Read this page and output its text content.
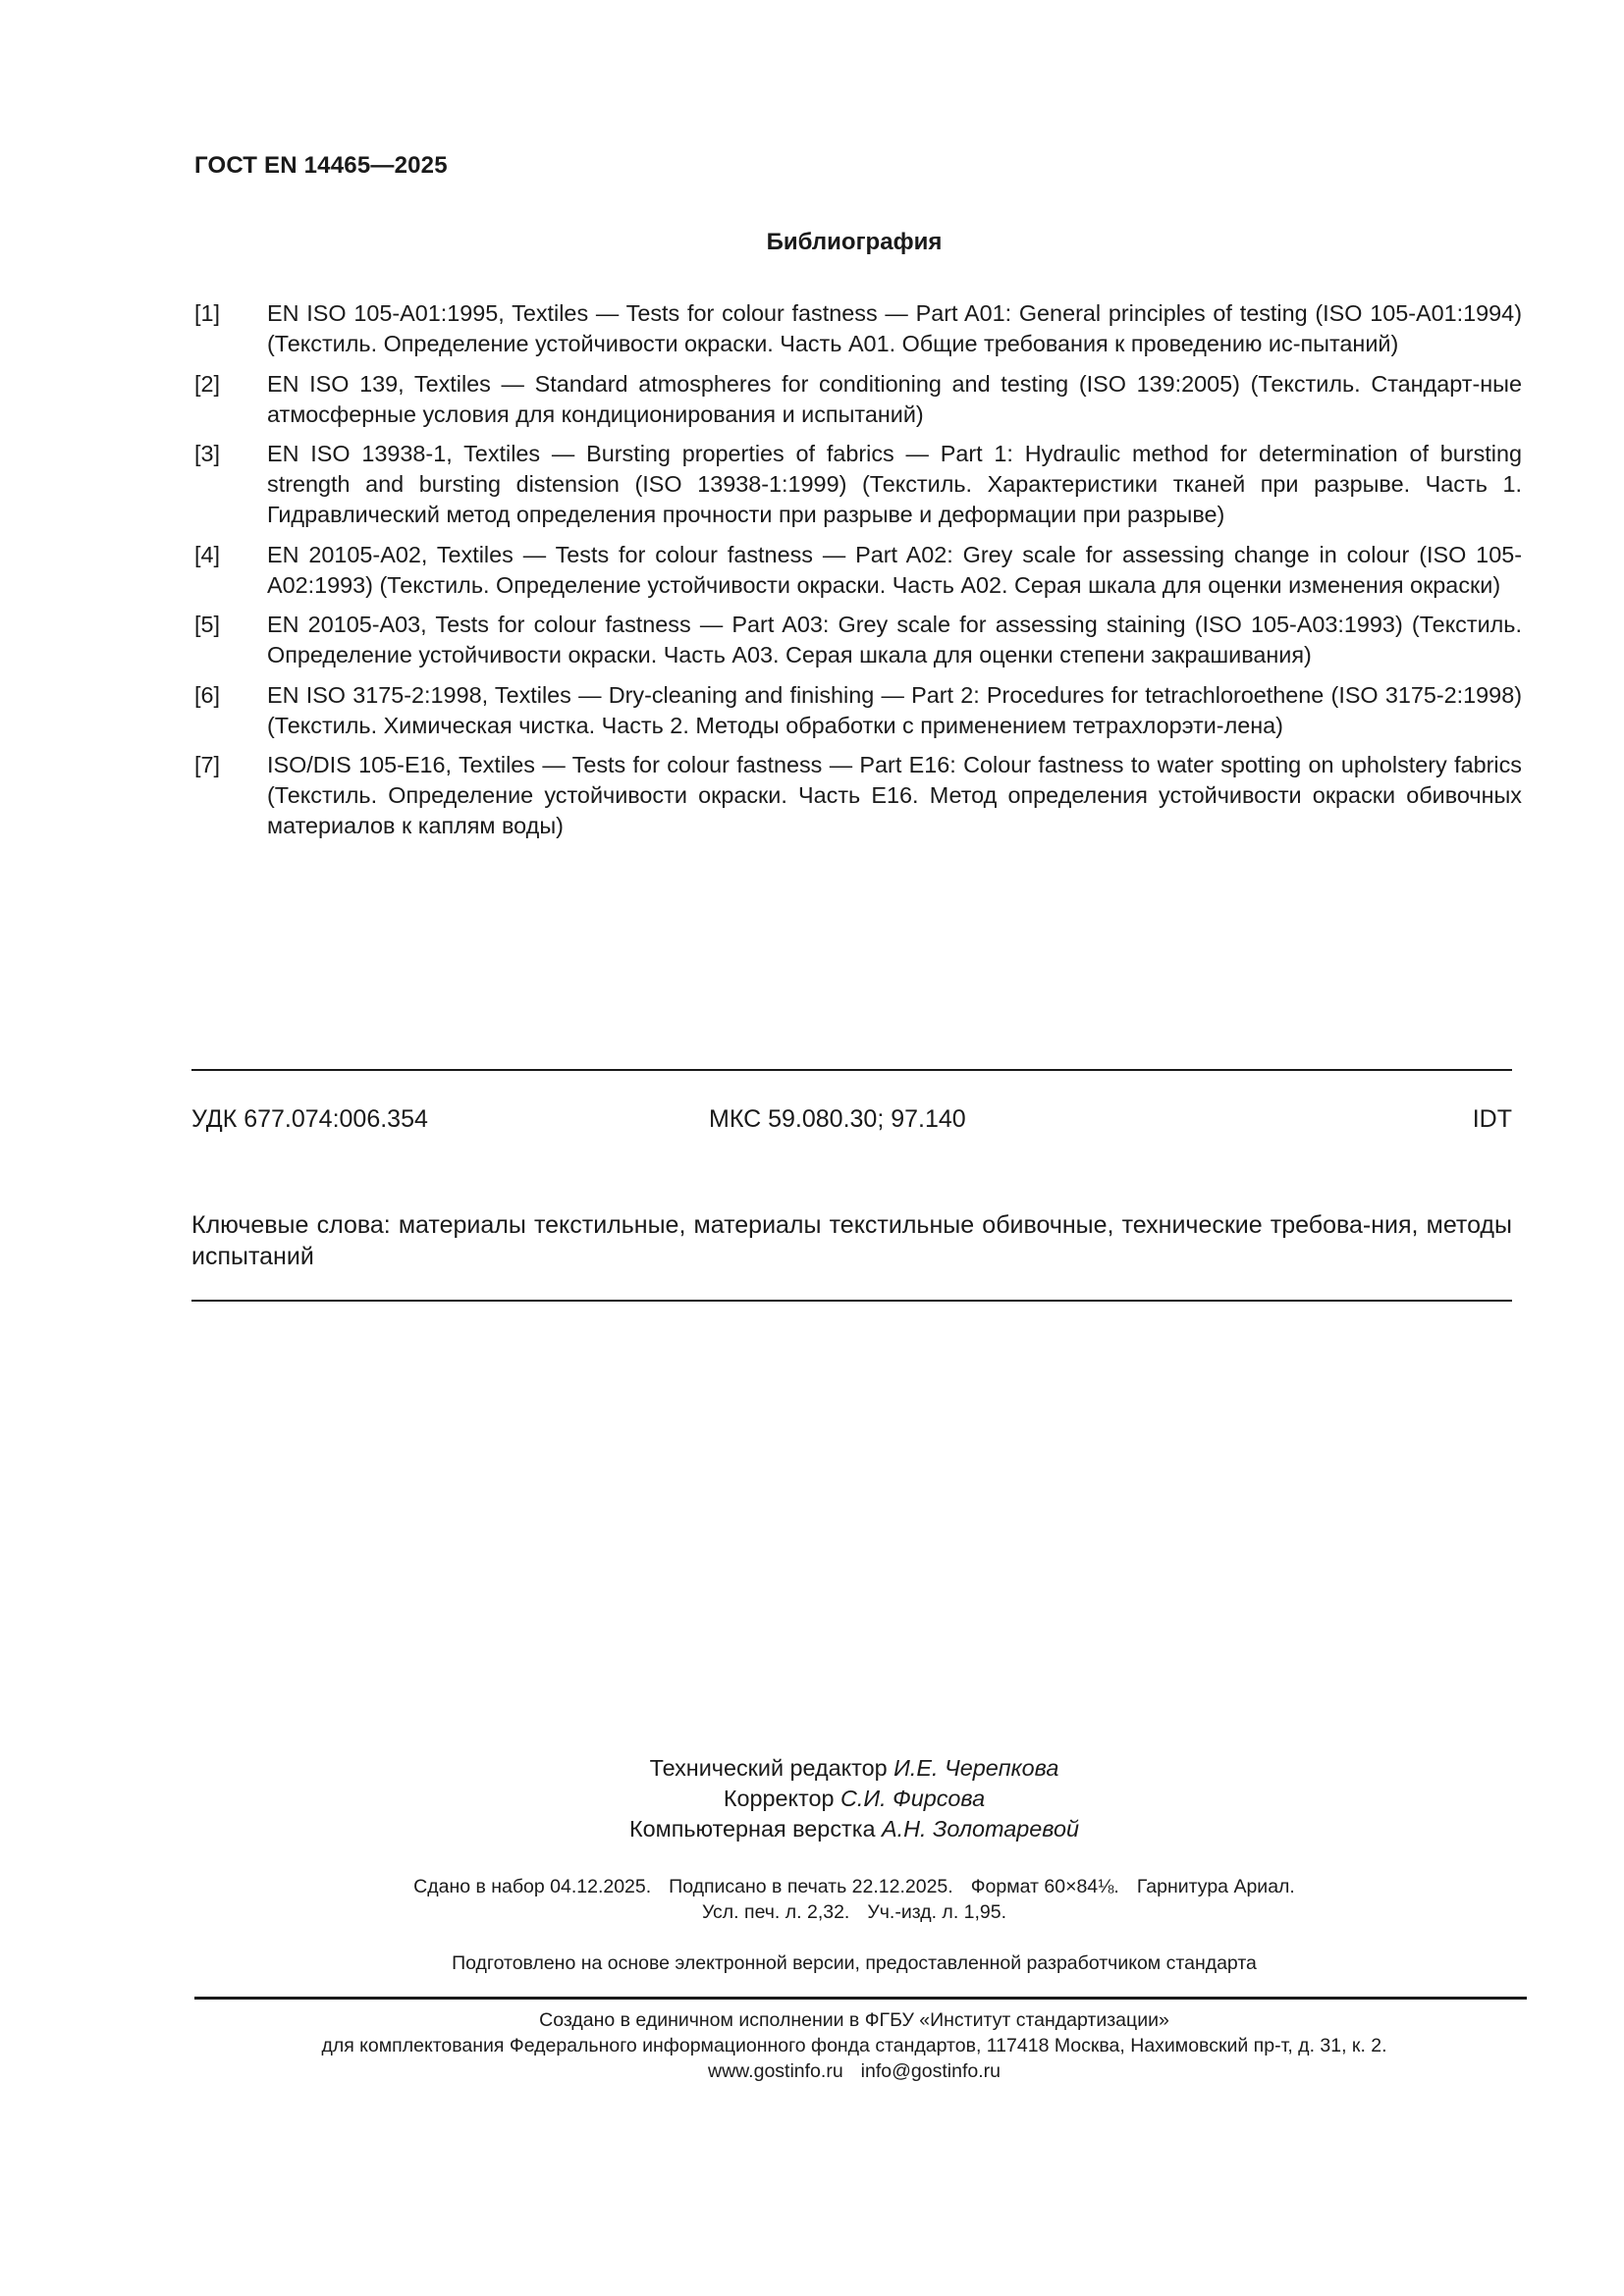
ГОСТ EN 14465—2025
Библиография
[1]	EN ISO 105-A01:1995, Textiles — Tests for colour fastness — Part A01: General principles of testing (ISO 105-A01:1994) (Текстиль. Определение устойчивости окраски. Часть А01. Общие требования к проведению ис-пытаний)
[2]	EN ISO 139, Textiles — Standard atmospheres for conditioning and testing (ISO 139:2005) (Текстиль. Стандарт-ные атмосферные условия для кондиционирования и испытаний)
[3]	EN ISO 13938-1, Textiles — Bursting properties of fabrics — Part 1: Hydraulic method for determination of bursting strength and bursting distension (ISO 13938-1:1999) (Текстиль. Характеристики тканей при разрыве. Часть 1. Гидравлический метод определения прочности при разрыве и деформации при разрыве)
[4]	EN 20105-A02, Textiles — Tests for colour fastness — Part A02: Grey scale for assessing change in colour (ISO 105-A02:1993) (Текстиль. Определение устойчивости окраски. Часть А02. Серая шкала для оценки изменения окраски)
[5]	EN 20105-A03, Tests for colour fastness — Part A03: Grey scale for assessing staining (ISO 105-A03:1993) (Текстиль. Определение устойчивости окраски. Часть А03. Серая шкала для оценки степени закрашивания)
[6]	EN ISO 3175-2:1998, Textiles — Dry-cleaning and finishing — Part 2: Procedures for tetrachloroethene (ISO 3175-2:1998) (Текстиль. Химическая чистка. Часть 2. Методы обработки с применением тетрахлорэти-лена)
[7]	ISO/DIS 105-E16, Textiles — Tests for colour fastness — Part E16: Colour fastness to water spotting on upholstery fabrics (Текстиль. Определение устойчивости окраски. Часть Е16. Метод определения устойчивости окраски обивочных материалов к каплям воды)
УДК 677.074:006.354	МКС 59.080.30; 97.140	IDT
Ключевые слова: материалы текстильные, материалы текстильные обивочные, технические требова-ния, методы испытаний
Технический редактор И.Е. Черепкова
Корректор С.И. Фирсова
Компьютерная верстка А.Н. Золотаревой
Сдано в набор 04.12.2025. Подписано в печать 22.12.2025. Формат 60×84⅛. Гарнитура Ариал.
Усл. печ. л. 2,32. Уч.-изд. л. 1,95.
Подготовлено на основе электронной версии, предоставленной разработчиком стандарта
Создано в единичном исполнении в ФГБУ «Институт стандартизации»
для комплектования Федерального информационного фонда стандартов, 117418 Москва, Нахимовский пр-т, д. 31, к. 2.
www.gostinfo.ru info@gostinfo.ru
